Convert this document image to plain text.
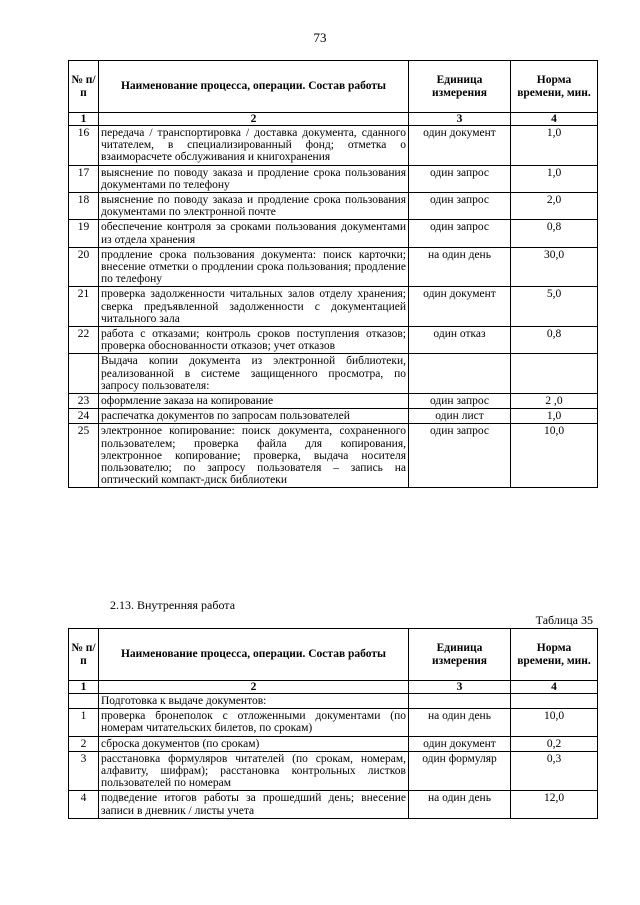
73
№ п/п	Наименование процесса, операции. Состав работы	Единица измерения	Норма времени, мин.
1	2	3	4
16	передача / транспортировка / доставка документа, сданного читателем, в специализированный фонд; отметка о взаиморасчете обслуживания и книгохранения	один документ	1,0
17	выяснение по поводу заказа и продление срока пользования документами по телефону	один запрос	1,0
18	выяснение по поводу заказа и продление срока пользования документами по электронной почте	один запрос	2,0
19	обеспечение контроля за сроками пользования документами из отдела хранения	один запрос	0,8
20	продление срока пользования документа: поиск карточки; внесение отметки о продлении срока пользования; продление по телефону	на один день	30,0
21	проверка задолженности читальных залов отделу хранения; сверка предъявленной задолженности с документацией читального зала	один документ	5,0
22	работа с отказами; контроль сроков поступления отказов; проверка обоснованности отказов; учет отказов	один отказ	0,8
	Выдача копии документа из электронной библиотеки, реализованной в системе защищенного просмотра, по запросу пользователя:		
23	оформление заказа на копирование	один запрос	2 ,0
24	распечатка документов по запросам пользователей	один лист	1,0
25	электронное копирование: поиск документа, сохраненного пользователем; проверка файла для копирования, электронное копирование; проверка, выдача носителя пользователю; по запросу пользователя – запись на оптический компакт-диск библиотеки	один запрос	10,0
2.13. Внутренняя работа
Таблица 35
№ п/п	Наименование процесса, операции. Состав работы	Единица измерения	Норма времени, мин.
1	2	3	4
	Подготовка к выдаче документов:		
1	проверка бронеполок с отложенными документами (по номерам читательских билетов, по срокам)	на один день	10,0
2	сброска документов (по срокам)	один документ	0,2
3	расстановка формуляров читателей (по срокам, номерам, алфавиту, шифрам); расстановка контрольных листков пользователей по номерам	один формуляр	0,3
4	подведение итогов работы за прошедший день; внесение записи в дневник / листы учета	на один день	12,0
